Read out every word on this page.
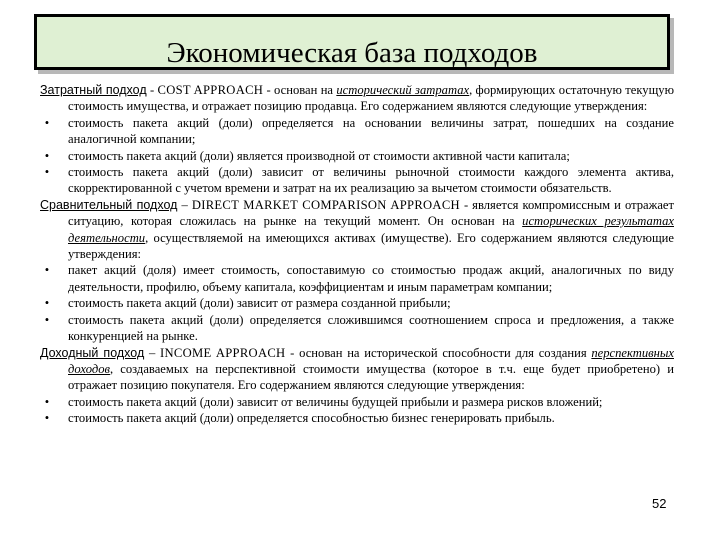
Экономическая база подходов

Затратный подход - COST APPROACH - основан на исторический затратах, формирующих остаточную текущую стоимость имущества, и отражает позицию продавца. Его содержанием являются следующие утверждения:

•	стоимость пакета акций (доли) определяется на основании величины затрат, пошедших на создание аналогичной компании;

•	стоимость пакета акций (доли) является производной от стоимости активной части капитала;

•	стоимость пакета акций (доли) зависит от величины рыночной стоимости каждого элемента актива, скорректированной с учетом времени и затрат на их реализацию за вычетом стоимости обязательств.

Сравнительный подход – DIRECT MARKET COMPARISON APPROACH - является компромиссным и отражает ситуацию, которая сложилась на рынке на текущий момент. Он основан на исторических результатах деятельности, осуществляемой на имеющихся активах (имуществе). Его содержанием являются следующие утверждения:

•	пакет акций (доля) имеет стоимость, сопоставимую со стоимостью продаж акций, аналогичных по виду деятельности, профилю, объему капитала, коэффициентам и иным параметрам компании;

•	стоимость пакета акций (доли) зависит от размера созданной прибыли;

•	стоимость пакета акций (доли) определяется сложившимся соотношением спроса и предложения, а также конкуренцией на рынке.

Доходный подход – INCOME APPROACH - основан на исторической способности для создания перспективных доходов, создаваемых на перспективной стоимости имущества (которое в т.ч. еще будет приобретено) и отражает позицию покупателя. Его содержанием являются следующие утверждения:

•	стоимость пакета акций (доли) зависит от величины будущей прибыли и размера рисков вложений;

•	стоимость пакета акций (доли) определяется способностью бизнес генерировать прибыль.

52
